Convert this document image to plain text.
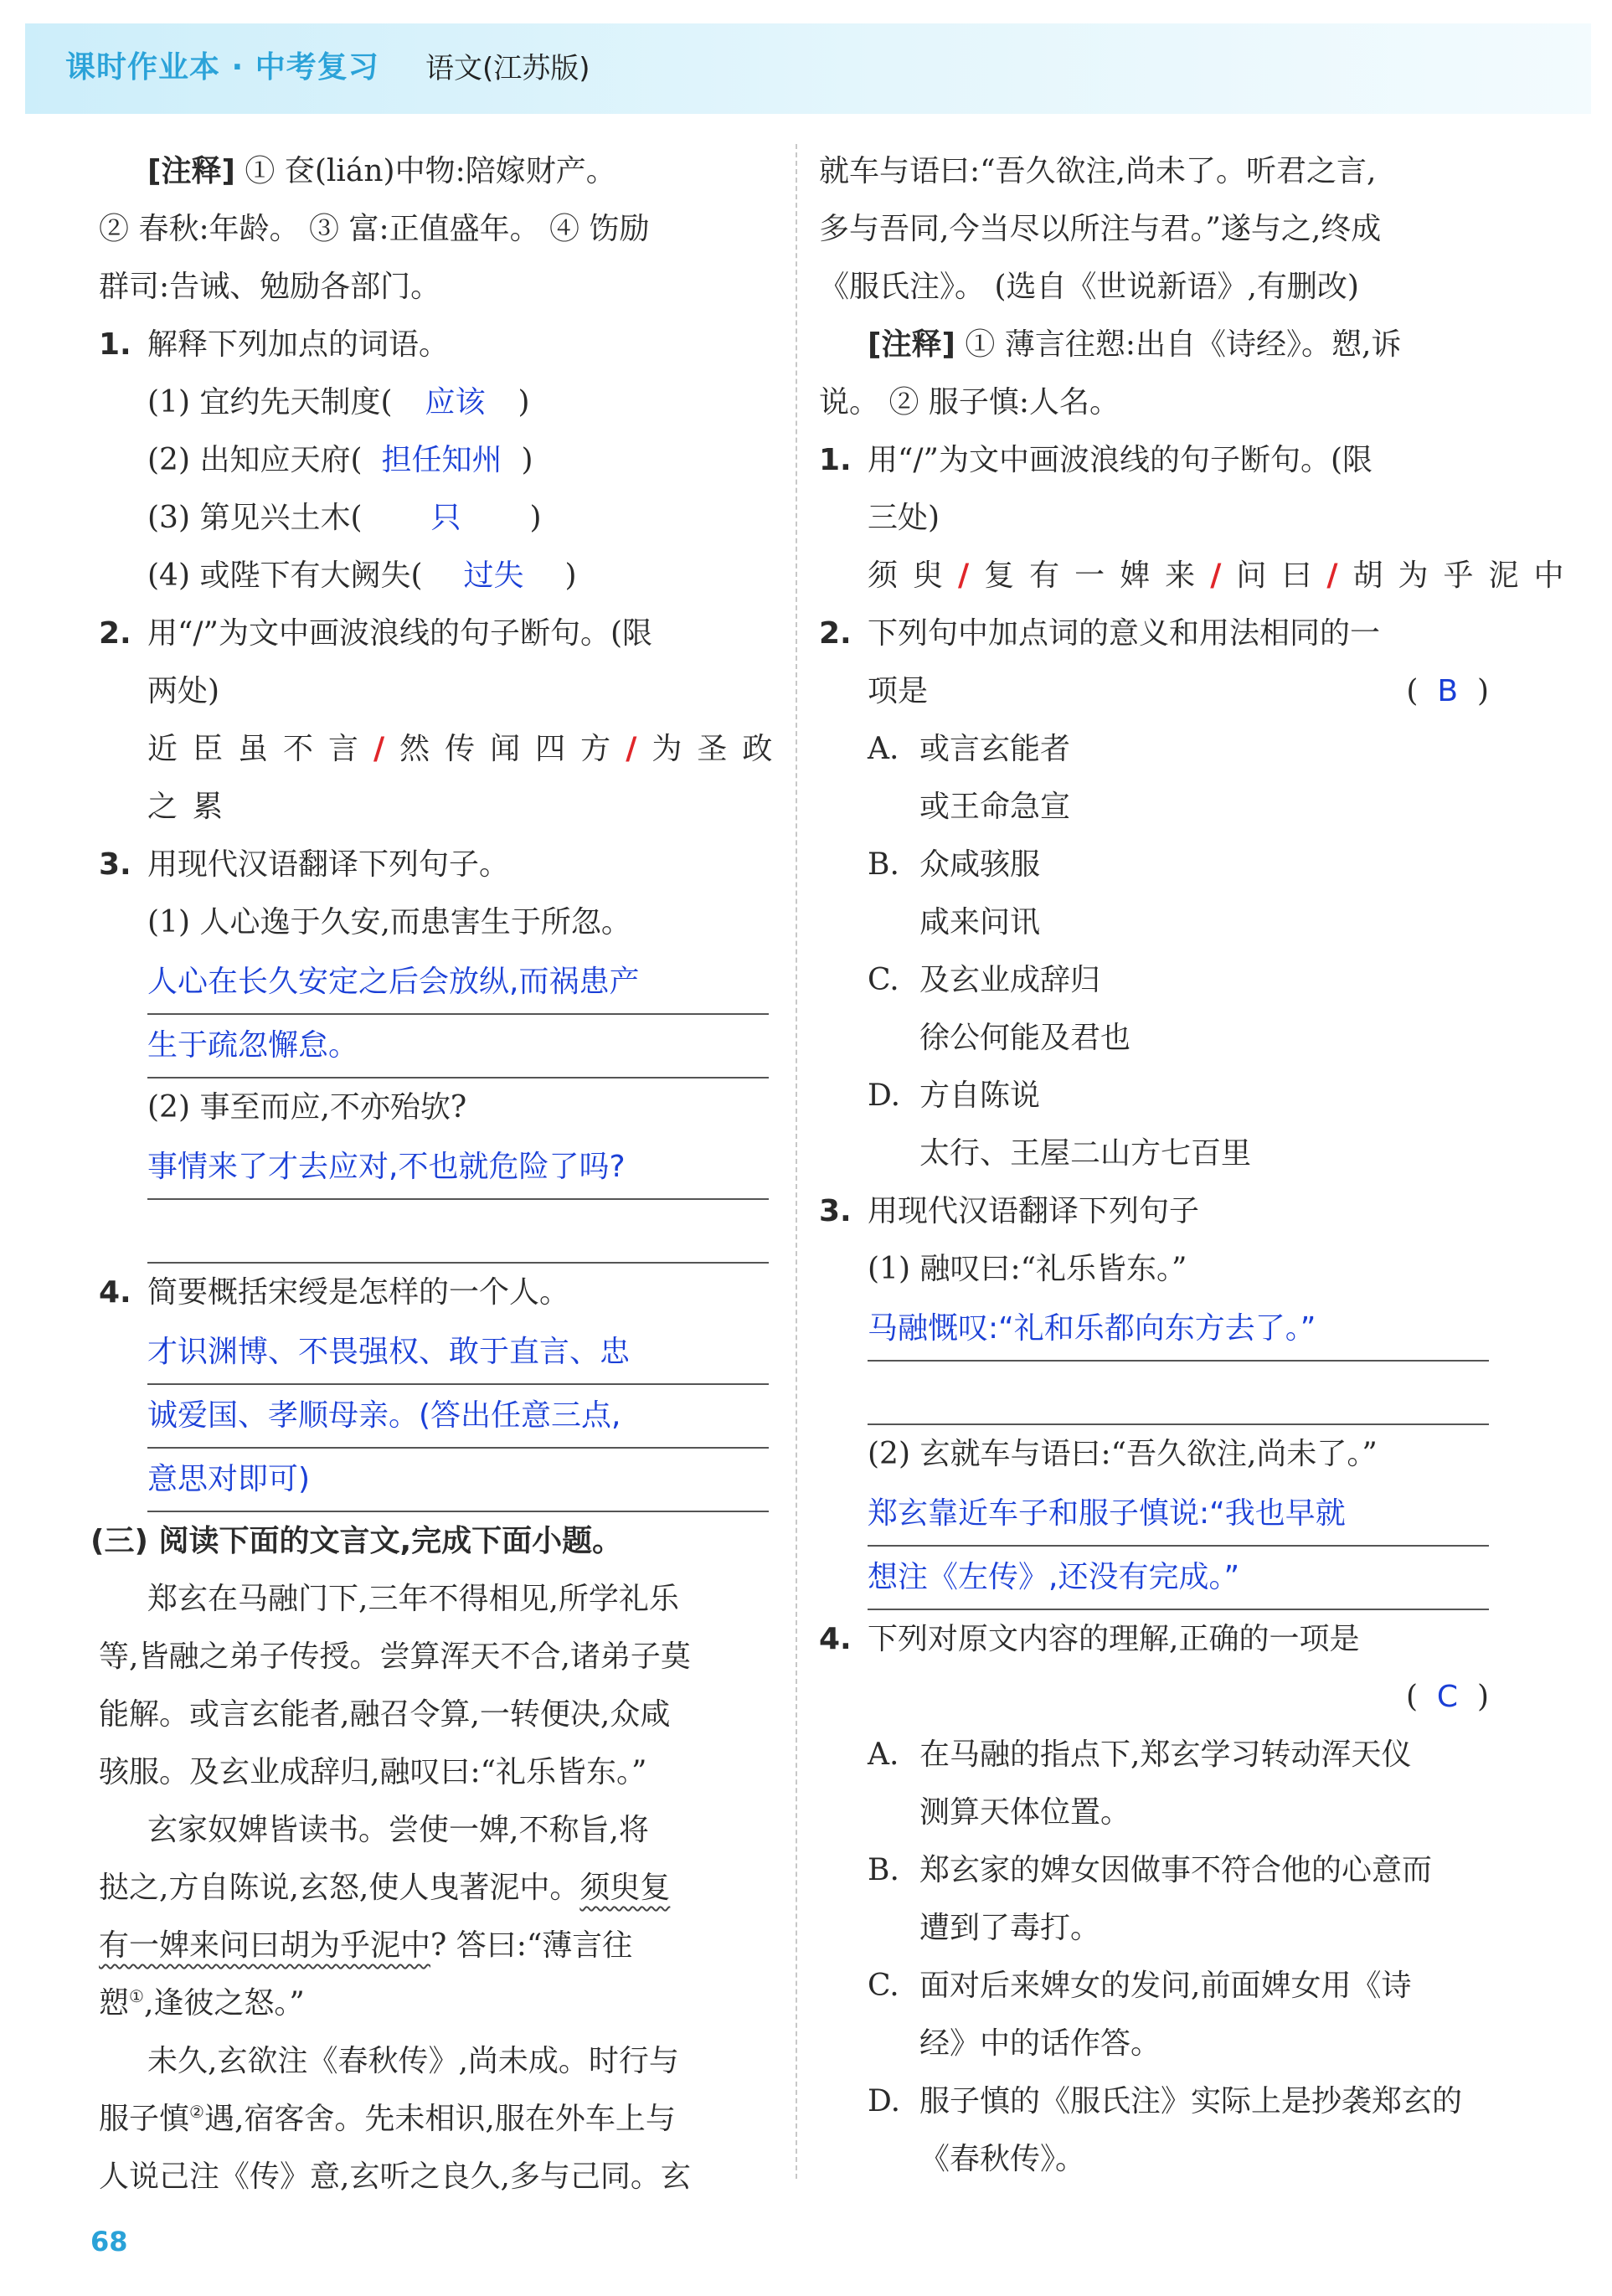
课时作业本 · 中考复习 语文(江苏版)
[注释] ① 奁(lián)中物:陪嫁财产。
② 春秋:年龄。 ③ 富:正值盛年。 ④ 饬励
群司:告诫、勉励各部门。
1. 解释下列加点的词语。
(1) 宜约先天制度( 应该 )
(2) 出知应天府( 担任知州 )
(3) 第见兴土木( 只 )
(4) 或陛下有大阙失( 过失 )
2. 用“/”为文中画波浪线的句子断句。(限
两处)
近臣虽不言/然传闻四方/为圣政
之累
3. 用现代汉语翻译下列句子。
(1) 人心逸于久安,而患害生于所忽。
人心在长久安定之后会放纵,而祸患产
生于疏忽懈怠。
(2) 事至而应,不亦殆欤?
事情来了才去应对,不也就危险了吗?
4. 简要概括宋绶是怎样的一个人。
才识渊博、不畏强权、敢于直言、忠
诚爱国、孝顺母亲。(答出任意三点,
意思对即可)
(三) 阅读下面的文言文,完成下面小题。
郑玄在马融门下,三年不得相见,所学礼乐
等,皆融之弟子传授。尝算浑天不合,诸弟子莫
能解。或言玄能者,融召令算,一转便决,众咸
骇服。及玄业成辞归,融叹曰:“礼乐皆东。”
玄家奴婢皆读书。尝使一婢,不称旨,将
挞之,方自陈说,玄怒,使人曳著泥中。须臾复
有一婢来问曰胡为乎泥中? 答曰:“薄言往
愬①,逢彼之怒。”
未久,玄欲注《春秋传》,尚未成。时行与
服子慎②遇,宿客舍。先未相识,服在外车上与
人说己注《传》意,玄听之良久,多与己同。玄
就车与语曰:“吾久欲注,尚未了。听君之言,
多与吾同,今当尽以所注与君。”遂与之,终成
《服氏注》。 (选自《世说新语》,有删改)
[注释] ① 薄言往愬:出自《诗经》。愬,诉
说。 ② 服子慎:人名。
1. 用“/”为文中画波浪线的句子断句。(限
三处)
须臾/复有一婢来/问曰/胡为乎泥中
2. 下列句中加点词的意义和用法相同的一
项是	(  B  )
A. 或言玄能者
或王命急宣
B. 众咸骇服
咸来问讯
C. 及玄业成辞归
徐公何能及君也
D. 方自陈说
太行、王屋二山方七百里
3. 用现代汉语翻译下列句子
(1) 融叹曰:“礼乐皆东。”
马融慨叹:“礼和乐都向东方去了。”
(2) 玄就车与语曰:“吾久欲注,尚未了。”
郑玄靠近车子和服子慎说:“我也早就
想注《左传》,还没有完成。”
4. 下列对原文内容的理解,正确的一项是
(  C  )
A. 在马融的指点下,郑玄学习转动浑天仪
测算天体位置。
B. 郑玄家的婢女因做事不符合他的心意而
遭到了毒打。
C. 面对后来婢女的发问,前面婢女用《诗
经》中的话作答。
D. 服子慎的《服氏注》实际上是抄袭郑玄的
《春秋传》。
68
